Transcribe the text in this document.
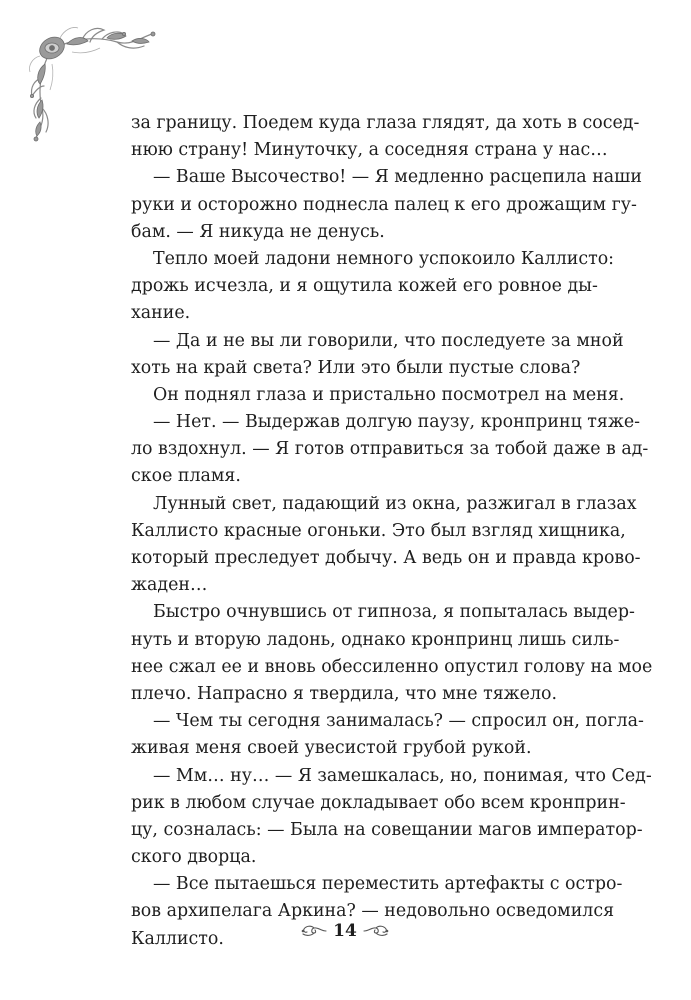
за границу. Поедем куда глаза глядят, да хоть в сосед-
нюю страну! Минуточку, а соседняя страна у нас…
— Ваше Высочество! — Я медленно расцепила наши
руки и осторожно поднесла палец к его дрожащим гу-
бам. — Я никуда не денусь.
Тепло моей ладони немного успокоило Каллисто:
дрожь исчезла, и я ощутила кожей его ровное ды-
хание.
— Да и не вы ли говорили, что последуете за мной
хоть на край света? Или это были пустые слова?
Он поднял глаза и пристально посмотрел на меня.
— Нет. — Выдержав долгую паузу, кронпринц тяже-
ло вздохнул. — Я готов отправиться за тобой даже в ад-
ское пламя.
Лунный свет, падающий из окна, разжигал в глазах
Каллисто красные огоньки. Это был взгляд хищника,
который преследует добычу. А ведь он и правда крово-
жаден…
Быстро очнувшись от гипноза, я попыталась выдер-
нуть и вторую ладонь, однако кронпринц лишь силь-
нее сжал ее и вновь обессиленно опустил голову на мое
плечо. Напрасно я твердила, что мне тяжело.
— Чем ты сегодня занималась? — спросил он, погла-
живая меня своей увесистой грубой рукой.
— Мм… ну… — Я замешкалась, но, понимая, что Сед-
рик в любом случае докладывает обо всем кронприн-
цу, созналась: — Была на совещании магов император-
ского дворца.
— Все пытаешься переместить артефакты с остро-
вов архипелага Аркина? — недовольно осведомился
Каллисто.	14
